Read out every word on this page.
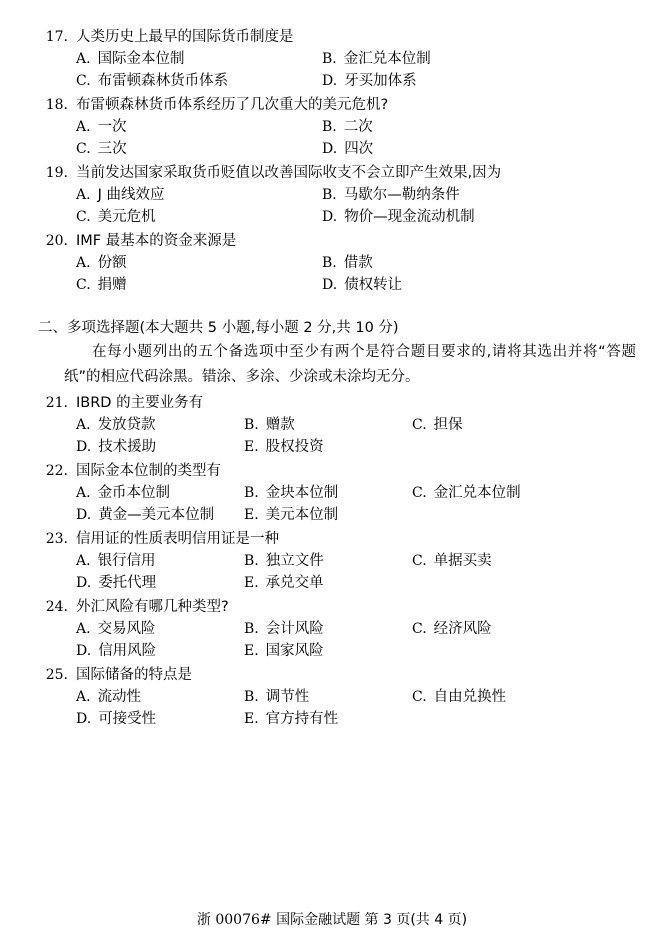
17. 人类历史上最早的国际货币制度是
A. 国际金本位制	B. 金汇兑本位制
C. 布雷顿森林货币体系	D. 牙买加体系
18. 布雷顿森林货币体系经历了几次重大的美元危机?
A. 一次	B. 二次
C. 三次	D. 四次
19. 当前发达国家采取货币贬值以改善国际收支不会立即产生效果,因为
A. J 曲线效应	B. 马歇尔—勒纳条件
C. 美元危机	D. 物价—现金流动机制
20. IMF 最基本的资金来源是
A. 份额	B. 借款
C. 捐赠	D. 债权转让
二、多项选择题(本大题共 5 小题,每小题 2 分,共 10 分)
在每小题列出的五个备选项中至少有两个是符合题目要求的,请将其选出并将“答题纸”的相应代码涂黑。错涂、多涂、少涂或未涂均无分。
21. IBRD 的主要业务有
A. 发放贷款	B. 赠款	C. 担保
D. 技术援助	E. 股权投资
22. 国际金本位制的类型有
A. 金币本位制	B. 金块本位制	C. 金汇兑本位制
D. 黄金—美元本位制 E. 美元本位制
23. 信用证的性质表明信用证是一种
A. 银行信用	B. 独立文件	C. 单据买卖
D. 委托代理	E. 承兑交单
24. 外汇风险有哪几种类型?
A. 交易风险	B. 会计风险	C. 经济风险
D. 信用风险	E. 国家风险
25. 国际储备的特点是
A. 流动性	B. 调节性	C. 自由兑换性
D. 可接受性	E. 官方持有性
浙 00076# 国际金融试题 第 3 页(共 4 页)
